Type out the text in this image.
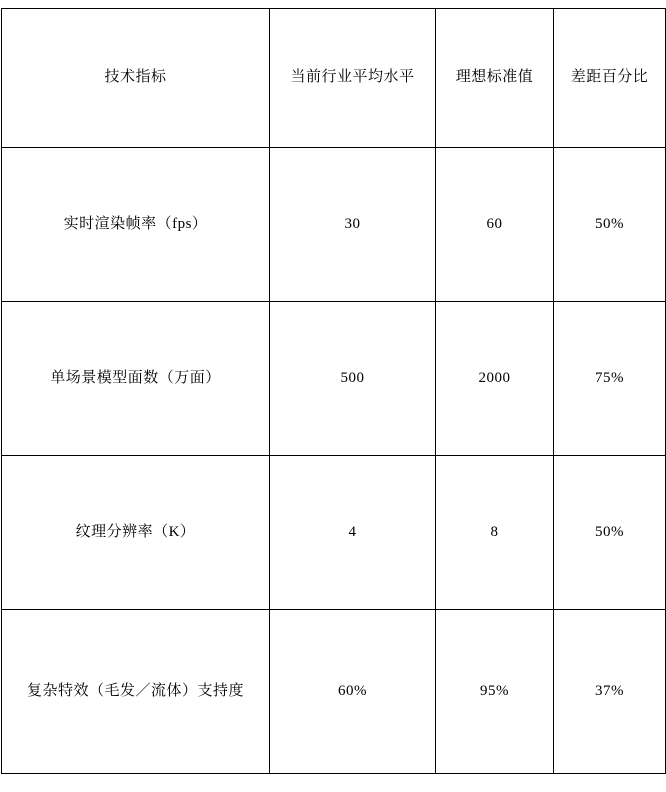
技术指标	当前行业平均水平	理想标准值	差距百分比

实时渲染帧率（fps）	30	60	50%

单场景模型面数（万面）	500	2000	75%

纹理分辨率（K）	4	8	50%

复杂特效（毛发／流体）支持度	60%	95%	37%
